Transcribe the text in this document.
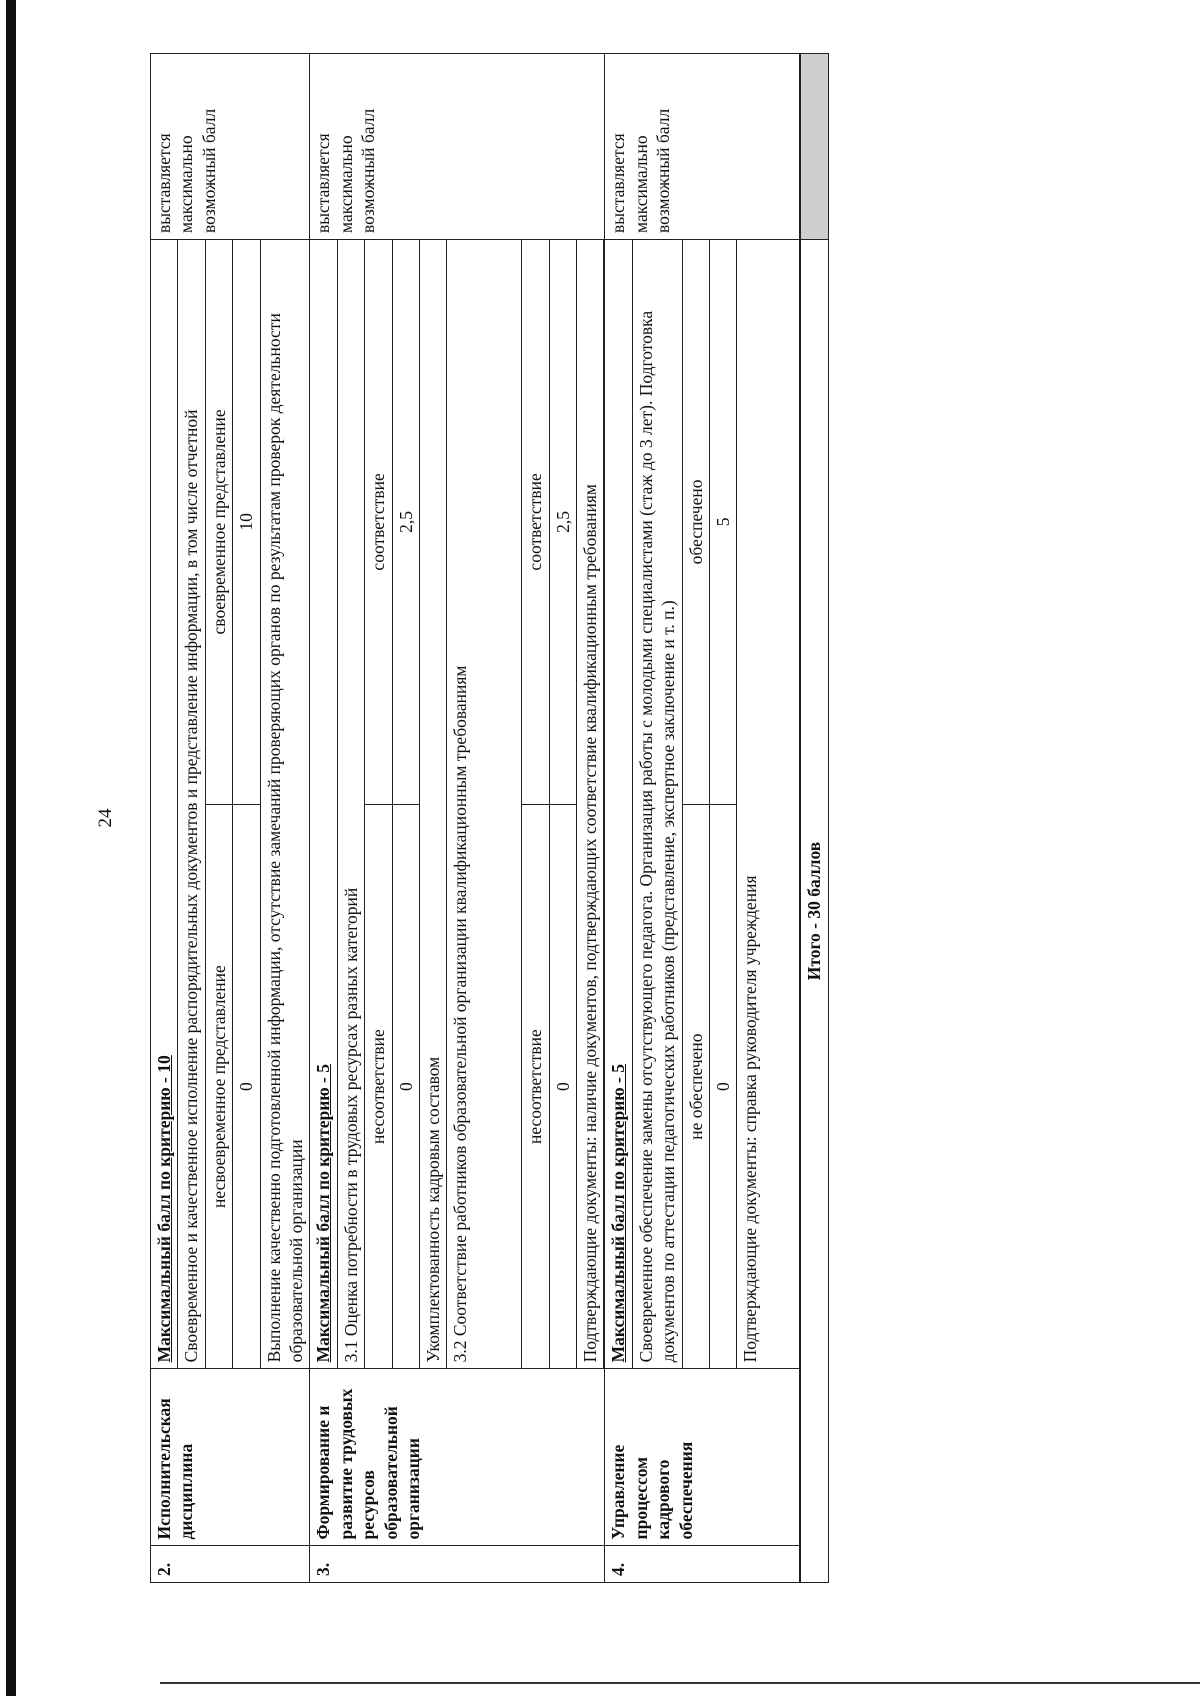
24
2.	Исполнительская дисциплина	Максимальный балл по критерию - 10		выставляется максимально возможный балл
		Своевременное и качественное исполнение распорядительных документов и представление информации, в том числе отчетной		
		несвоевременное представление	своевременное представление	
		0	10	
		Выполнение качественно подготовленной информации, отсутствие замечаний проверяющих органов по результатам проверок деятельности образовательной организации		
3.	Формирование и развитие трудовых ресурсов образовательной организации	Максимальный балл по критерию - 5		выставляется максимально возможный балл
		3.1 Оценка потребности в трудовых ресурсах разных категорий		
		несоответствие	соответствие	
		0	2,5	
		Укомплектованность кадровым составом		
		3.2 Соответствие работников образовательной организации квалификационным требованиям		
		несоответствие	соответствие	
		0	2,5	
		Подтверждающие документы: наличие документов, подтверждающих соответствие квалификационным требованиям		

4.	Управление процессом кадрового обеспечения	Максимальный балл по критерию - 5		выставляется максимально возможный балл
		Своевременное обеспечение замены отсутствующего педагога. Организация работы с молодыми специалистами (стаж до 3 лет). Подготовка документов по аттестации педагогических работников (представление, экспертное заключение и т. п.)		
		не обеспечено	обеспечено	
		0	5	
		Подтверждающие документы: справка руководителя учреждения		
Итого - 30 баллов				
